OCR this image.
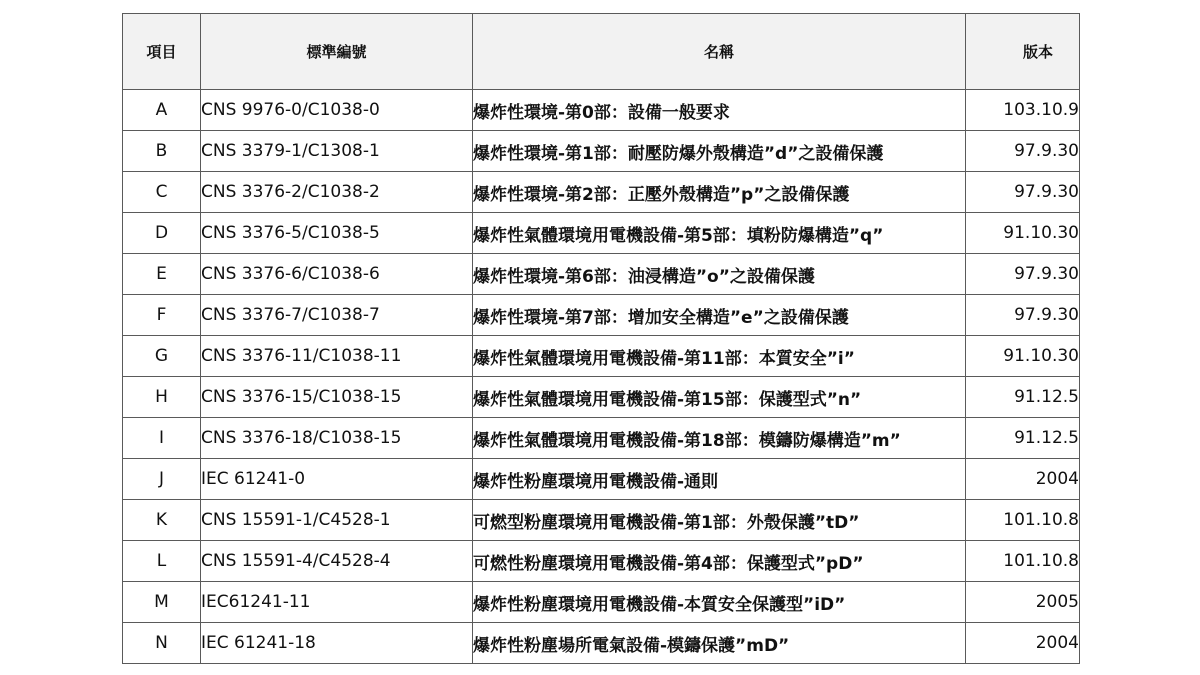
項目	標準編號	名稱	版本
A	CNS 9976-0/C1038-0	爆炸性環境-第0部：設備一般要求	103.10.9
B	CNS 3379-1/C1308-1	爆炸性環境-第1部：耐壓防爆外殼構造”d”之設備保護	97.9.30
C	CNS 3376-2/C1038-2	爆炸性環境-第2部：正壓外殼構造”p”之設備保護	97.9.30
D	CNS 3376-5/C1038-5	爆炸性氣體環境用電機設備-第5部：填粉防爆構造”q”	91.10.30
E	CNS 3376-6/C1038-6	爆炸性環境-第6部：油浸構造”o”之設備保護	97.9.30
F	CNS 3376-7/C1038-7	爆炸性環境-第7部：增加安全構造”e”之設備保護	97.9.30
G	CNS 3376-11/C1038-11	爆炸性氣體環境用電機設備-第11部：本質安全”i”	91.10.30
H	CNS 3376-15/C1038-15	爆炸性氣體環境用電機設備-第15部：保護型式”n”	91.12.5
I	CNS 3376-18/C1038-15	爆炸性氣體環境用電機設備-第18部：模鑄防爆構造”m”	91.12.5
J	IEC 61241-0	爆炸性粉塵環境用電機設備-通則	2004
K	CNS 15591-1/C4528-1	可燃型粉塵環境用電機設備-第1部：外殼保護”tD”	101.10.8
L	CNS 15591-4/C4528-4	可燃性粉塵環境用電機設備-第4部：保護型式”pD”	101.10.8
M	IEC61241-11	爆炸性粉塵環境用電機設備-本質安全保護型”iD”	2005
N	IEC 61241-18	爆炸性粉塵場所電氣設備-模鑄保護”mD”	2004
